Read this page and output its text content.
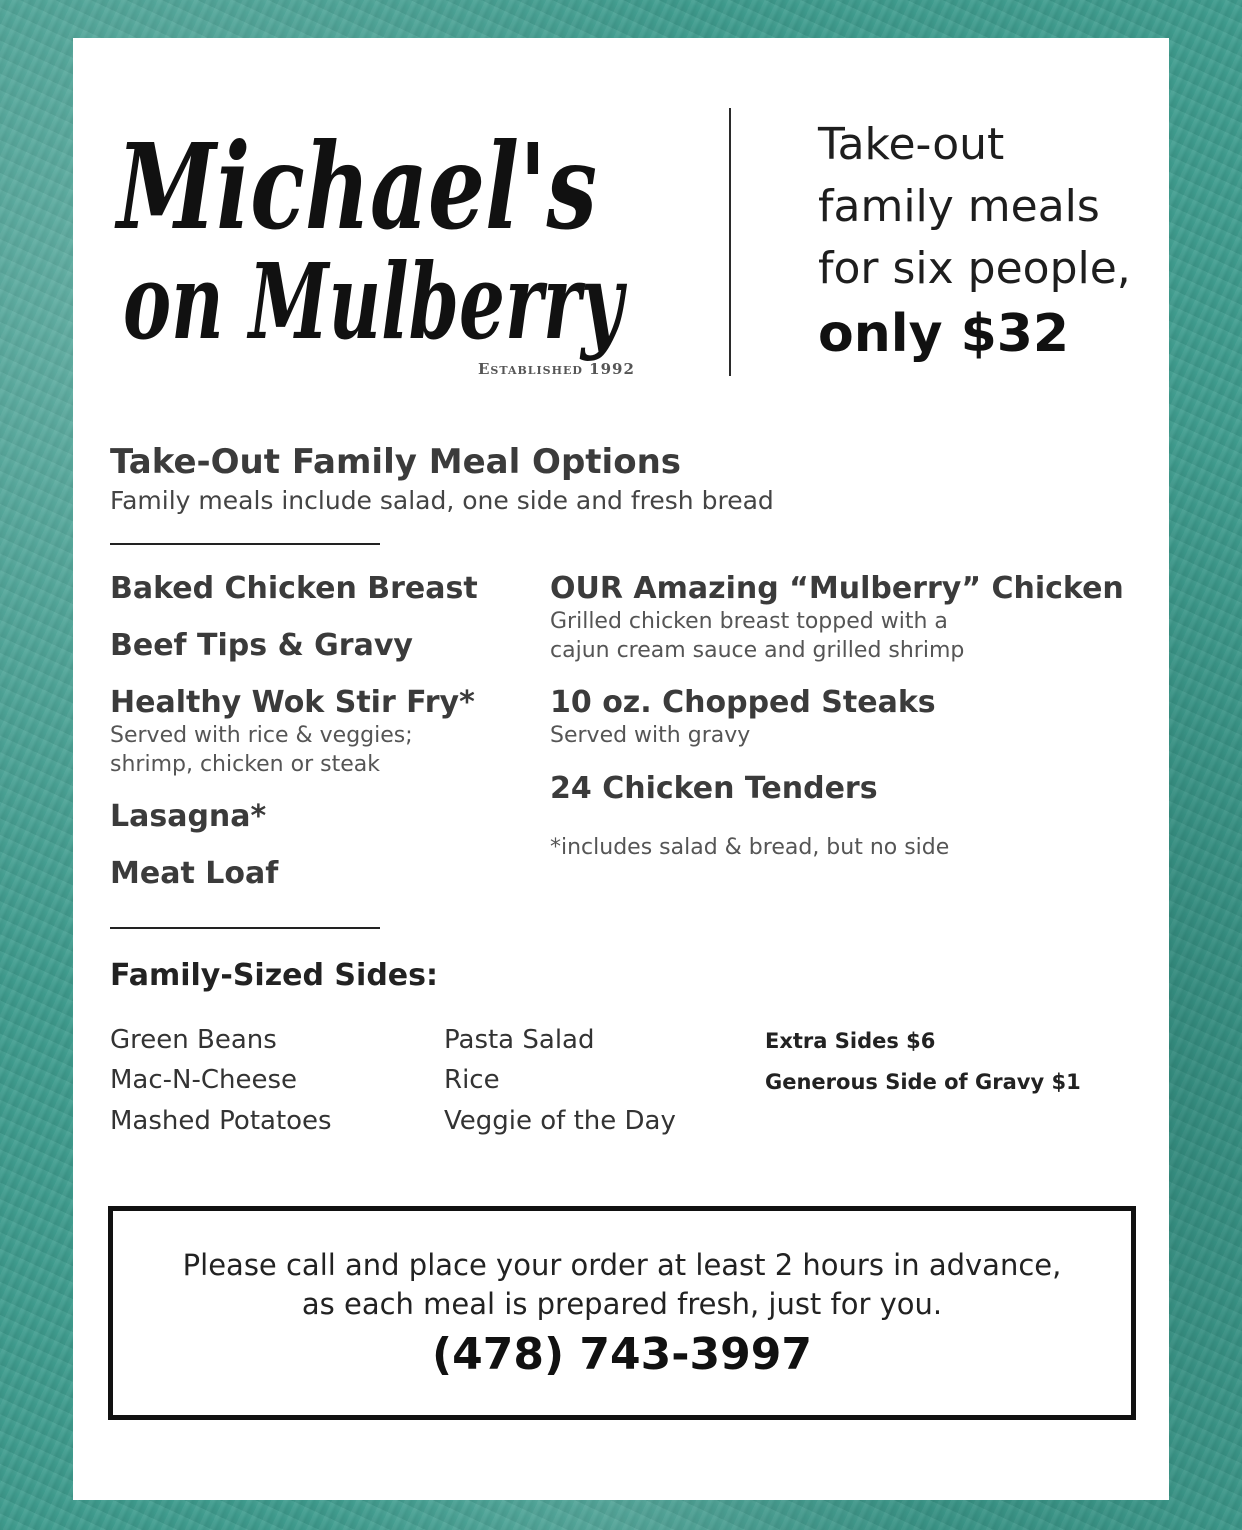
Michael's
on Mulberry
Established 1992
Take-out
family meals
for six people,
only $32
Take-Out Family Meal Options
Family meals include salad, one side and fresh bread
Baked Chicken Breast
Beef Tips & Gravy
Healthy Wok Stir Fry*
Served with rice & veggies;
shrimp, chicken or steak
Lasagna*
Meat Loaf
OUR Amazing “Mulberry” Chicken
Grilled chicken breast topped with a
cajun cream sauce and grilled shrimp
10 oz. Chopped Steaks
Served with gravy
24 Chicken Tenders
*includes salad & bread, but no side
Family-Sized Sides:
Green Beans
Mac-N-Cheese
Mashed Potatoes
Pasta Salad
Rice
Veggie of the Day
Extra Sides $6
Generous Side of Gravy $1
Please call and place your order at least 2 hours in advance,
as each meal is prepared fresh, just for you.
(478) 743-3997
